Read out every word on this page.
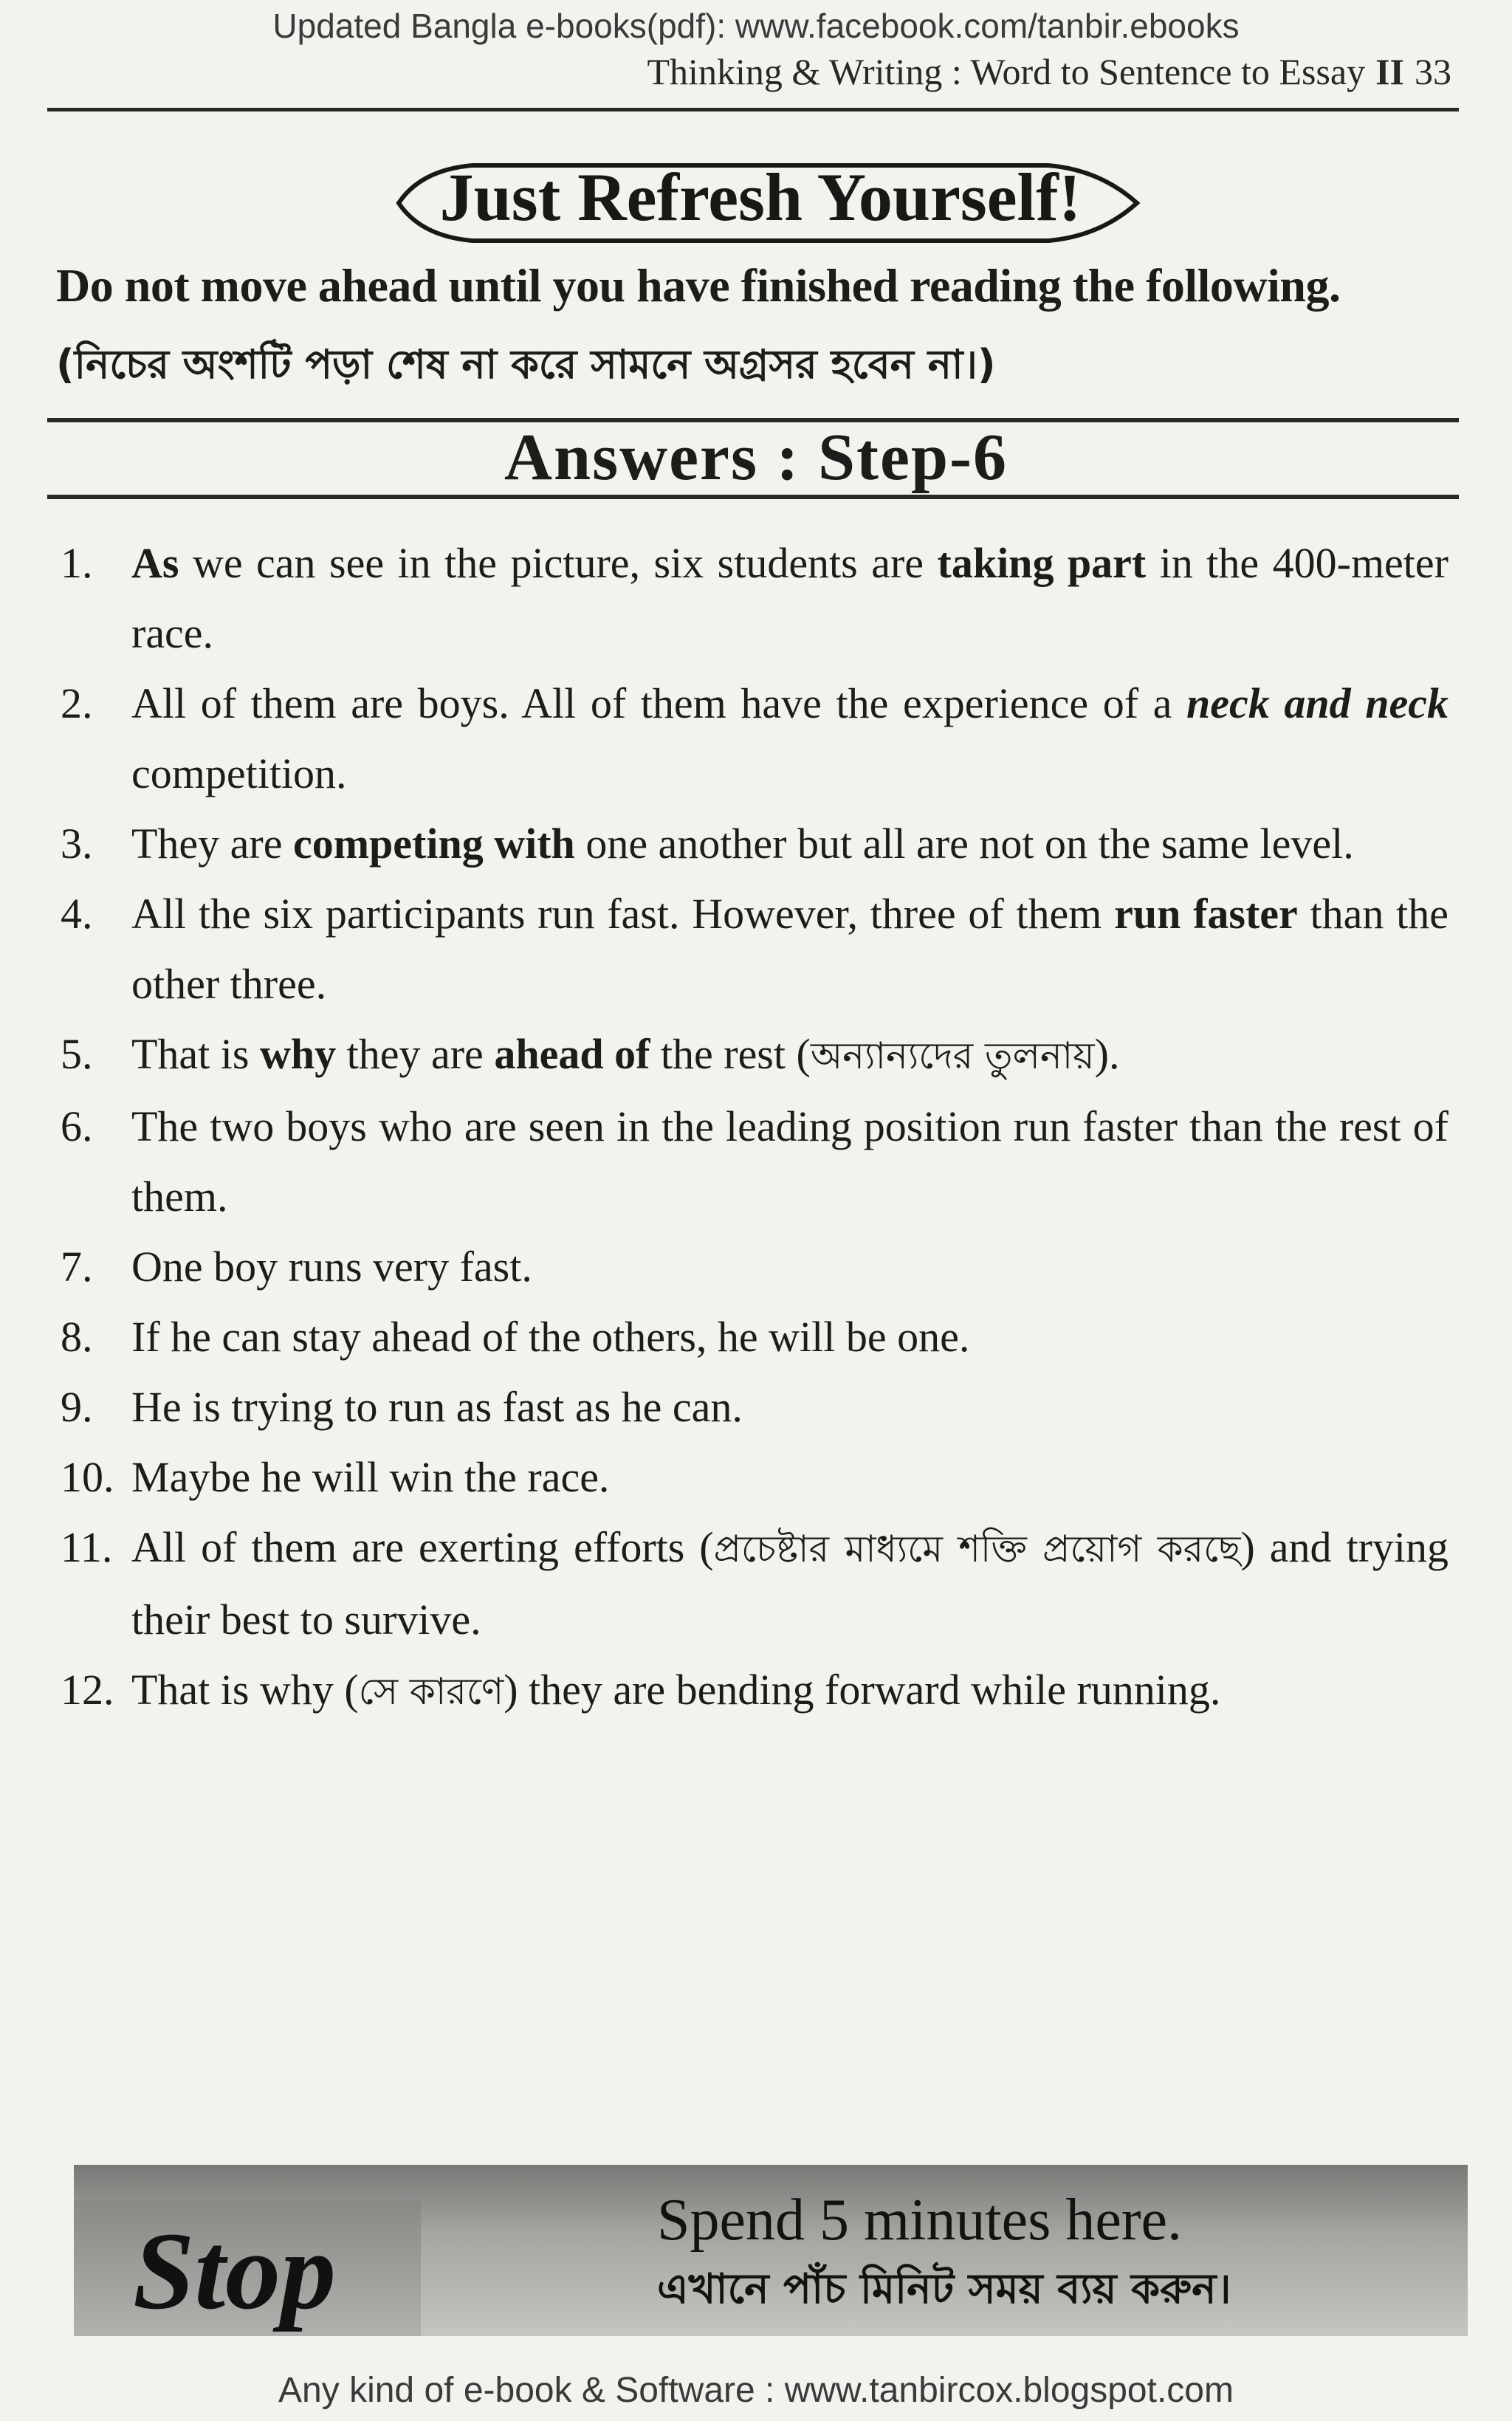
Updated Bangla e-books(pdf): www.facebook.com/tanbir.ebooks
Thinking & Writing : Word to Sentence to Essay II 33
Just Refresh Yourself!
Do not move ahead until you have finished reading the following.
(নিচের অংশটি পড়া শেষ না করে সামনে অগ্রসর হবেন না।)
Answers : Step-6
1. As we can see in the picture, six students are taking part in the 400-meter race.
2. All of them are boys. All of them have the experience of a neck and neck competition.
3. They are competing with one another but all are not on the same level.
4. All the six participants run fast. However, three of them run faster than the other three.
5. That is why they are ahead of the rest (অন্যান্যদের তুলনায়).
6. The two boys who are seen in the leading position run faster than the rest of them.
7. One boy runs very fast.
8. If he can stay ahead of the others, he will be one.
9. He is trying to run as fast as he can.
10. Maybe he will win the race.
11. All of them are exerting efforts (প্রচেষ্টার মাধ্যমে শক্তি প্রয়োগ করছে) and trying their best to survive.
12. That is why (সে কারণে) they are bending forward while running.
Stop	Spend 5 minutes here.
এখানে পাঁচ মিনিট সময় ব্যয় করুন।
Any kind of e-book & Software : www.tanbircox.blogspot.com
